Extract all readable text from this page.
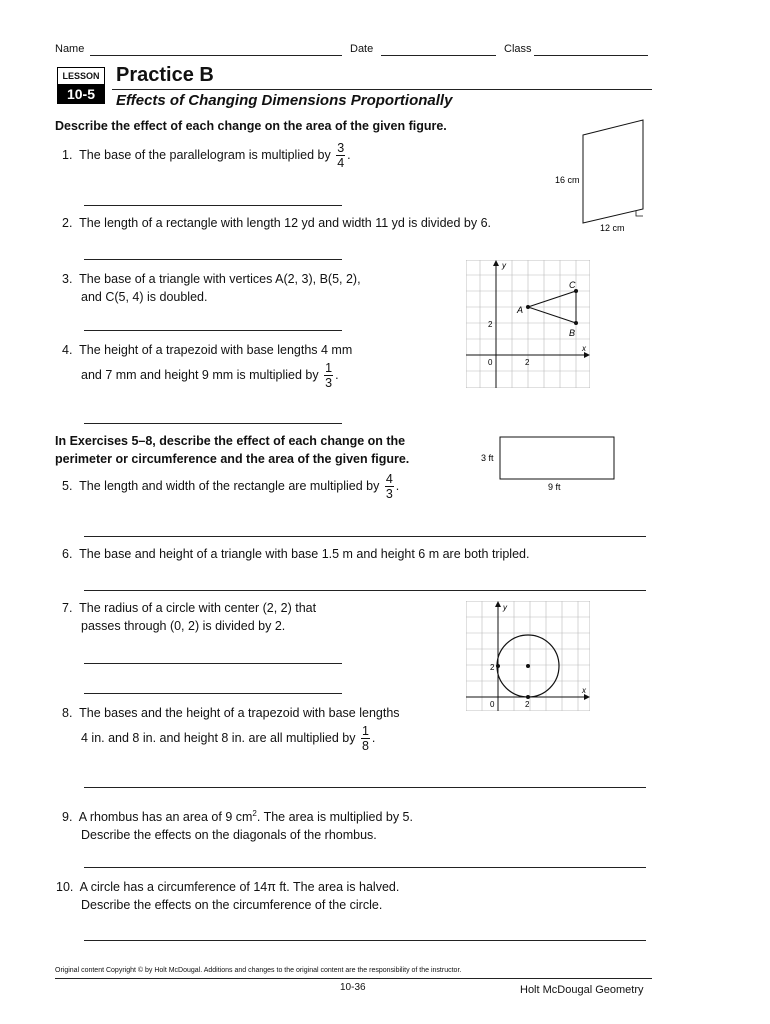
Name	Date	Class
LESSON
10-5
Practice B
Effects of Changing Dimensions Proportionally
Describe the effect of each change on the area of the given figure.
1. The base of the parallelogram is multiplied by $\frac{3}{4}$ .
2. The length of a rectangle with length 12 yd and width 11 yd is divided by 6.
3. The base of a triangle with vertices A(2, 3), B(5, 2),
and C(5, 4) is doubled.
4. The height of a trapezoid with base lengths 4 mm
and 7 mm and height 9 mm is multiplied by $\frac{1}{3}$ .
In Exercises 5–8, describe the effect of each change on the
perimeter or circumference and the area of the given figure.
5. The length and width of the rectangle are multiplied by $\frac{4}{3}$ .
6. The base and height of a triangle with base 1.5 m and height 6 m are both tripled.
7. The radius of a circle with center (2, 2) that
passes through (0, 2) is divided by 2.
8. The bases and the height of a trapezoid with base lengths
4 in. and 8 in. and height 8 in. are all multiplied by $\frac{1}{8}$ .
9. A rhombus has an area of 9 $cm^2$. The area is multiplied by 5.
Describe the effects on the diagonals of the rhombus.
10. A circle has a circumference of 14π ft. The area is halved.
Describe the effects on the circumference of the circle.
16 cm
12 cm
y
x
2
2
0
A
C
B
3 ft
9 ft
y
x
2
2
0
Original content Copyright © by Holt McDougal. Additions and changes to the original content are the responsibility of the instructor.
10-36	Holt McDougal Geometry
